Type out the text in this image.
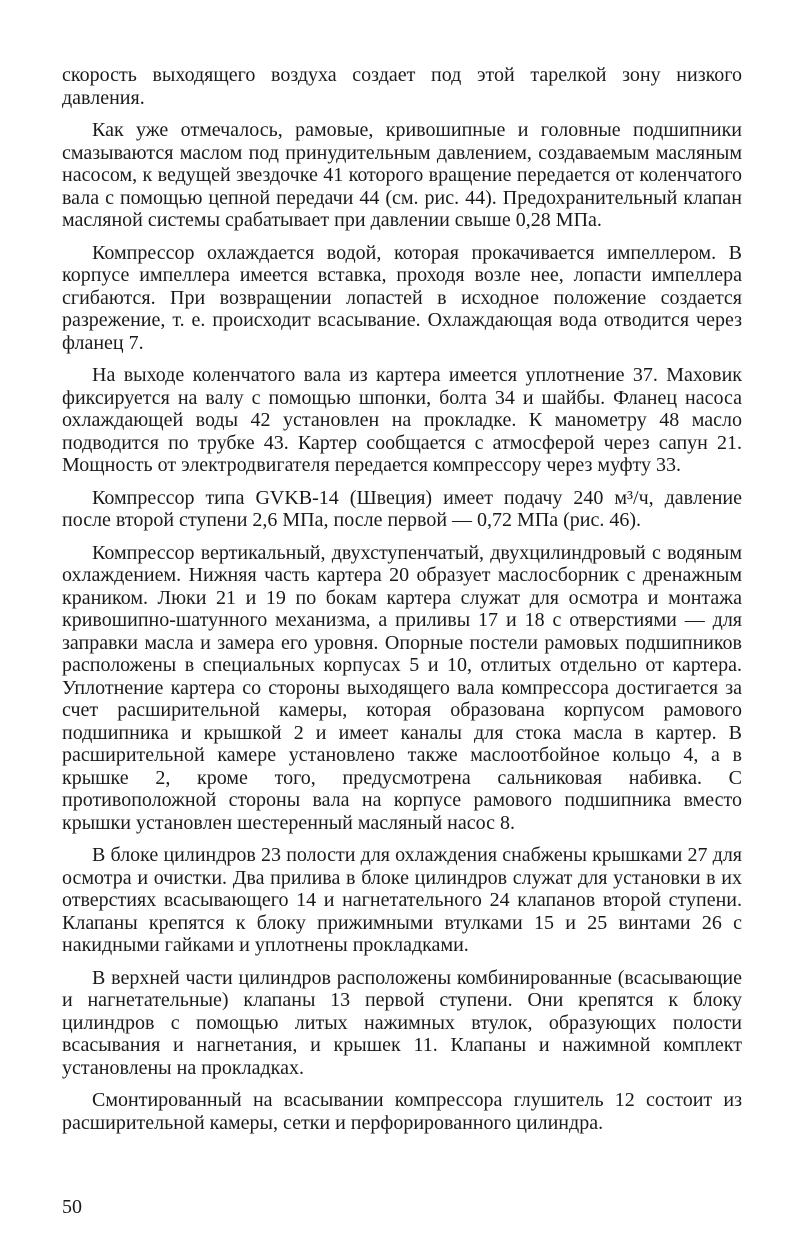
скорость выходящего воздуха создает под этой тарелкой зону низкого давления.

Как уже отмечалось, рамовые, кривошипные и головные подшипники смазываются маслом под принудительным давлением, создаваемым масляным насосом, к ведущей звездочке 41 которого вращение передается от коленчатого вала с помощью цепной передачи 44 (см. рис. 44). Предохранительный клапан масляной системы срабатывает при давлении свыше 0,28 МПа.

Компрессор охлаждается водой, которая прокачивается импеллером. В корпусе импеллера имеется вставка, проходя возле нее, лопасти импеллера сгибаются. При возвращении лопастей в исходное положение создается разрежение, т. е. происходит всасывание. Охлаждающая вода отводится через фланец 7.

На выходе коленчатого вала из картера имеется уплотнение 37. Маховик фиксируется на валу с помощью шпонки, болта 34 и шайбы. Фланец насоса охлаждающей воды 42 установлен на прокладке. К манометру 48 масло подводится по трубке 43. Картер сообщается с атмосферой через сапун 21. Мощность от электродвигателя передается компрессору через муфту 33.

Компрессор типа GVKB-14 (Швеция) имеет подачу 240 м³/ч, давление после второй ступени 2,6 МПа, после первой — 0,72 МПа (рис. 46).

Компрессор вертикальный, двухступенчатый, двухцилиндровый с водяным охлаждением. Нижняя часть картера 20 образует маслосборник с дренажным краником. Люки 21 и 19 по бокам картера служат для осмотра и монтажа кривошипно-шатунного механизма, а приливы 17 и 18 с отверстиями — для заправки масла и замера его уровня. Опорные постели рамовых подшипников расположены в специальных корпусах 5 и 10, отлитых отдельно от картера. Уплотнение картера со стороны выходящего вала компрессора достигается за счет расширительной камеры, которая образована корпусом рамового подшипника и крышкой 2 и имеет каналы для стока масла в картер. В расширительной камере установлено также маслоотбойное кольцо 4, а в крышке 2, кроме того, предусмотрена сальниковая набивка. С противоположной стороны вала на корпусе рамового подшипника вместо крышки установлен шестеренный масляный насос 8.

В блоке цилиндров 23 полости для охлаждения снабжены крышками 27 для осмотра и очистки. Два прилива в блоке цилиндров служат для установки в их отверстиях всасывающего 14 и нагнетательного 24 клапанов второй ступени. Клапаны крепятся к блоку прижимными втулками 15 и 25 винтами 26 с накидными гайками и уплотнены прокладками.

В верхней части цилиндров расположены комбинированные (всасывающие и нагнетательные) клапаны 13 первой ступени. Они крепятся к блоку цилиндров с помощью литых нажимных втулок, образующих полости всасывания и нагнетания, и крышек 11. Клапаны и нажимной комплект установлены на прокладках.

Смонтированный на всасывании компрессора глушитель 12 состоит из расширительной камеры, сетки и перфорированного цилиндра.

50
